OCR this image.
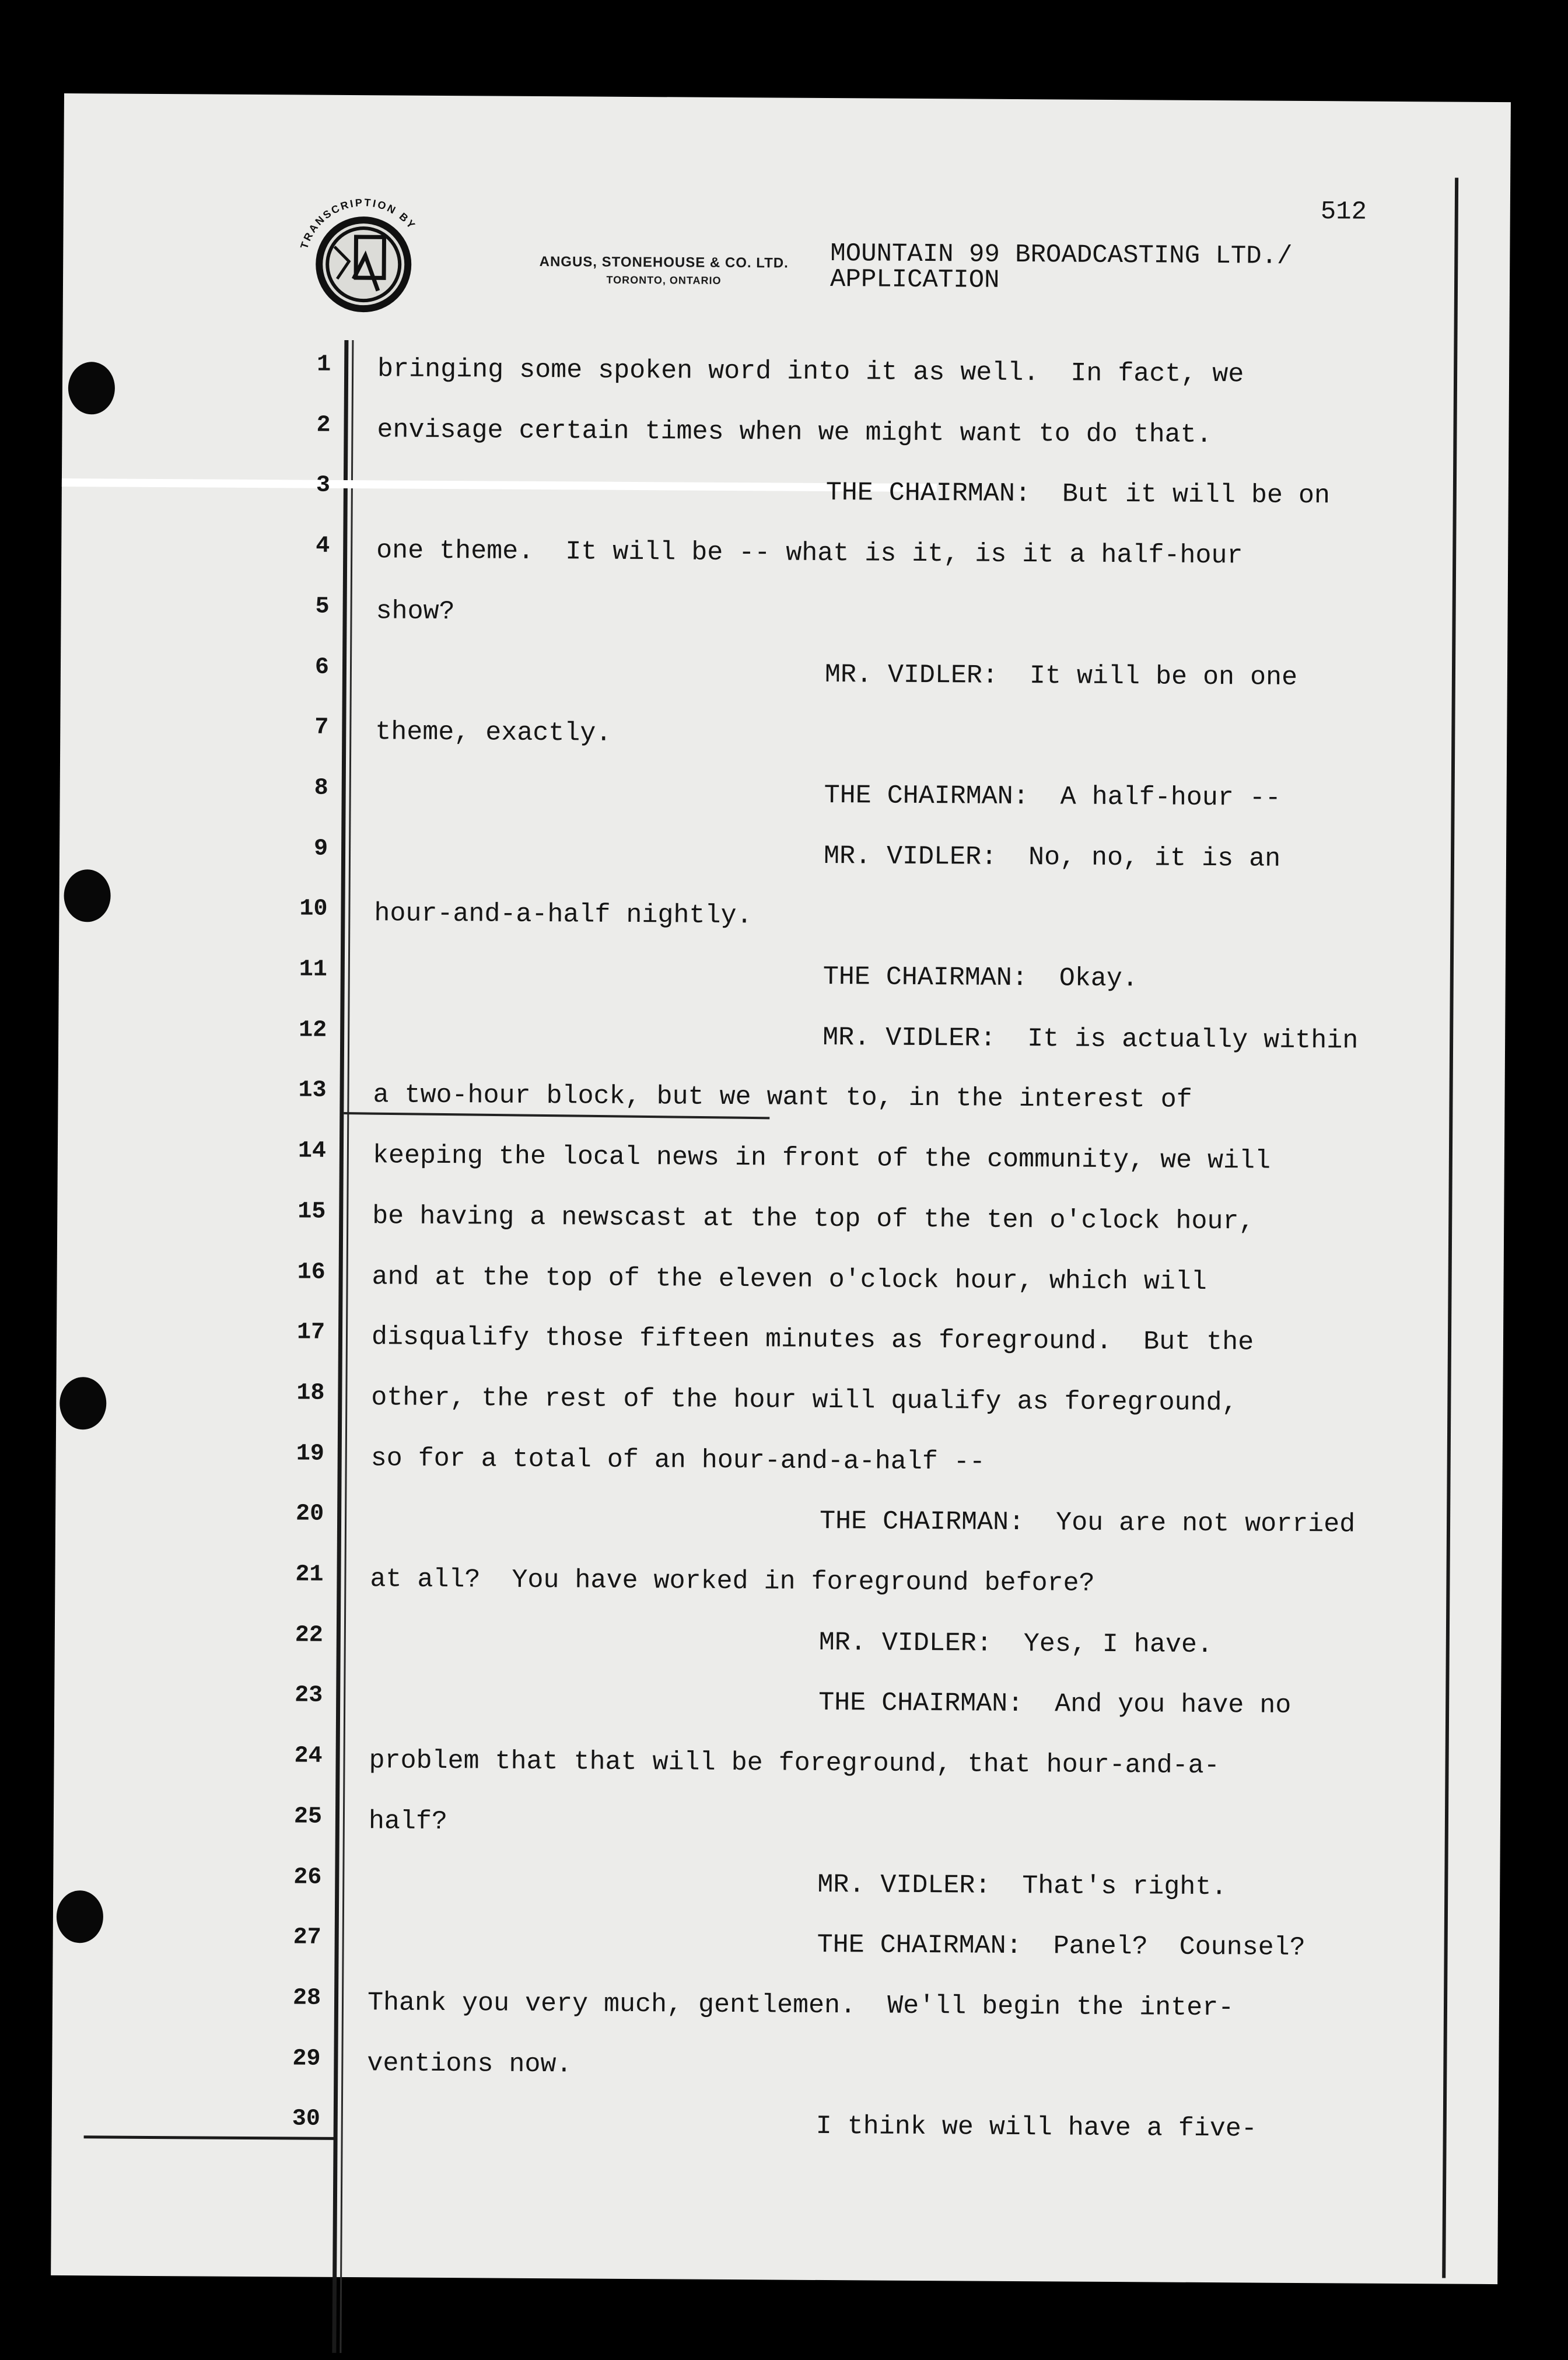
TRANSCRIPTION BY
ANGUS, STONEHOUSE & CO. LTD.
TORONTO, ONTARIO
MOUNTAIN 99 BROADCASTING LTD./
APPLICATION
512
1 bringing some spoken word into it as well.  In fact, we
2 envisage certain times when we might want to do that.
3	THE CHAIRMAN:  But it will be on
4 one theme.  It will be -- what is it, is it a half-hour
5 show?
6	MR. VIDLER:  It will be on one
7 theme, exactly.
8	THE CHAIRMAN:  A half-hour --
9	MR. VIDLER:  No, no, it is an
10 hour-and-a-half nightly.
11	THE CHAIRMAN:  Okay.
12	MR. VIDLER:  It is actually within
13 a two-hour block, but we want to, in the interest of
14 keeping the local news in front of the community, we will
15 be having a newscast at the top of the ten o'clock hour,
16 and at the top of the eleven o'clock hour, which will
17 disqualify those fifteen minutes as foreground.  But the
18 other, the rest of the hour will qualify as foreground,
19 so for a total of an hour-and-a-half --
20	THE CHAIRMAN:  You are not worried
21 at all?  You have worked in foreground before?
22	MR. VIDLER:  Yes, I have.
23	THE CHAIRMAN:  And you have no
24 problem that that will be foreground, that hour-and-a-
25 half?
26	MR. VIDLER:  That's right.
27	THE CHAIRMAN:  Panel?  Counsel?
28 Thank you very much, gentlemen.  We'll begin the inter-
29 ventions now.
30	I think we will have a five-
